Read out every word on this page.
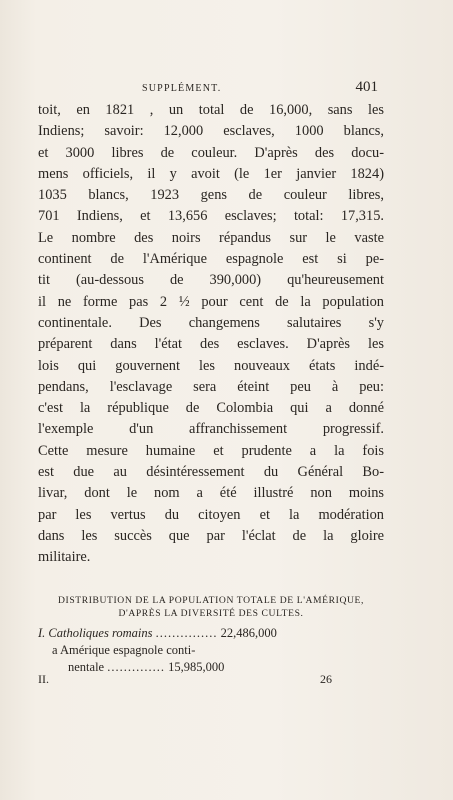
SUPPLÉMENT.	401
toit, en 1821 , un total de 16,000, sans les
Indiens; savoir: 12,000 esclaves, 1000 blancs,
et 3000 libres de couleur. D'après des docu-
mens officiels, il y avoit (le 1er janvier 1824)
1035 blancs, 1923 gens de couleur libres,
701 Indiens, et 13,656 esclaves; total: 17,315.
Le nombre des noirs répandus sur le vaste
continent de l'Amérique espagnole est si pe-
tit (au-dessous de 390,000) qu'heureusement
il ne forme pas 2 ½ pour cent de la population
continentale. Des changemens salutaires s'y
préparent dans l'état des esclaves. D'après les
lois qui gouvernent les nouveaux états indé-
pendans, l'esclavage sera éteint peu à peu:
c'est la république de Colombia qui a donné
l'exemple d'un affranchissement progressif.
Cette mesure humaine et prudente a la fois
est due au désintéressement du Général Bo-
livar, dont le nom a été illustré non moins
par les vertus du citoyen et la modération
dans les succès que par l'éclat de la gloire
militaire.
DISTRIBUTION DE LA POPULATION TOTALE DE L'AMÉRIQUE,
D'APRÈS LA DIVERSITÉ DES CULTES.
I. Catholiques romains ............... 22,486,000
a Amérique espagnole conti-
nentale .............. 15,985,000
II.	26
